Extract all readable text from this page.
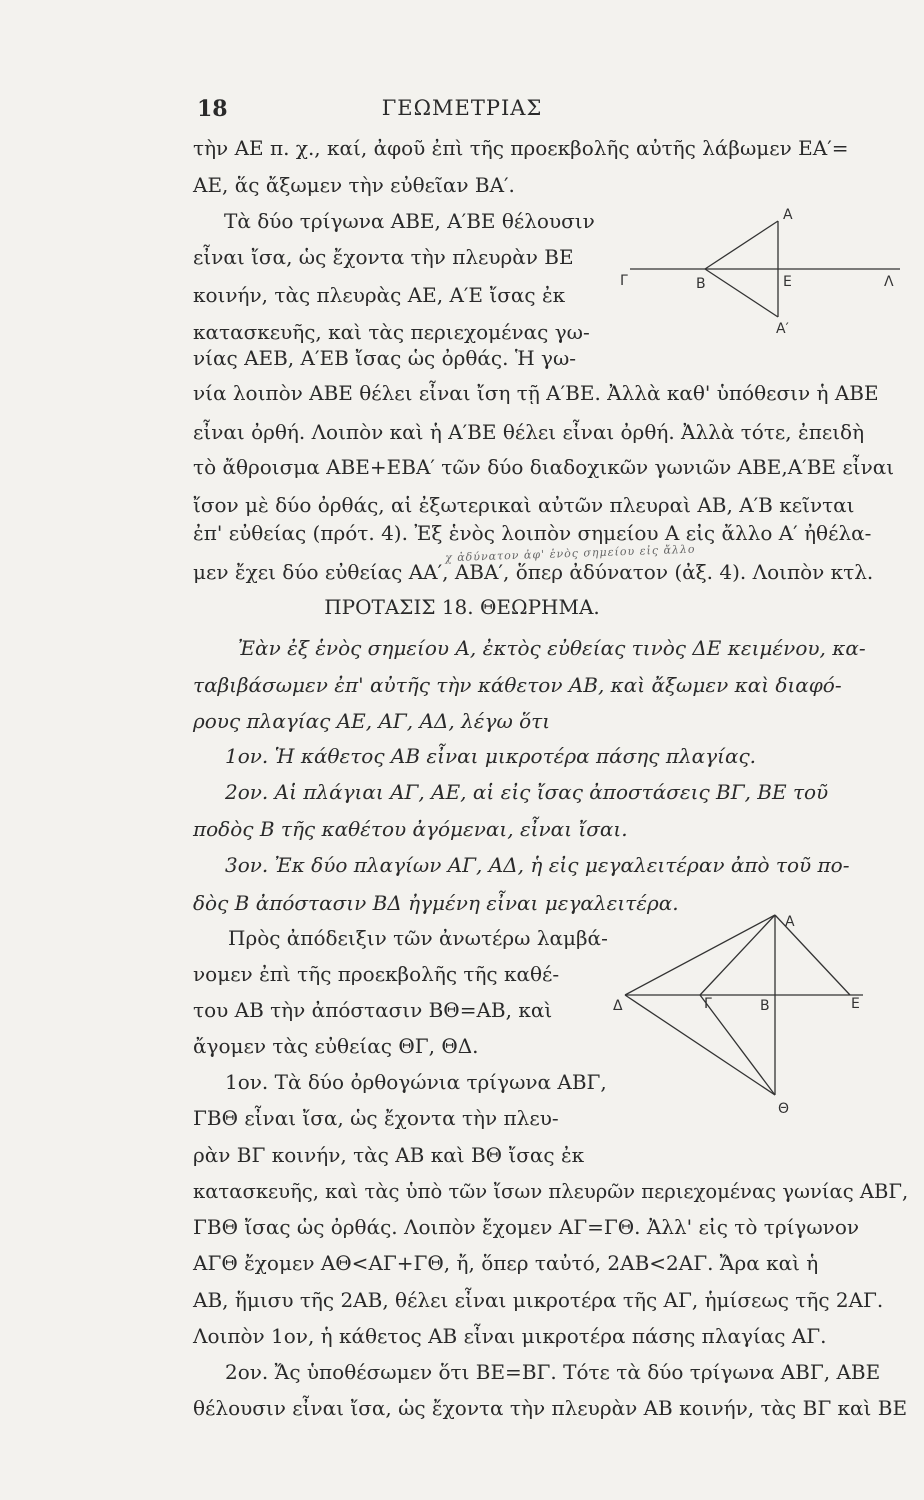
18	ΓΕΩΜΕΤΡΙΑΣ
τὴν ΑΕ π. χ., καί, ἀφοῦ ἐπὶ τῆς προεκβολῆς αὐτῆς λάβωμεν ΕΑ′=
ΑΕ, ἅς ἄξωμεν τὴν εὐθεῖαν ΒΑ′.
Τὰ δύο τρίγωνα ΑΒΕ, Α′ΒΕ θέλουσιν
εἶναι ἴσα, ὡς ἔχοντα τὴν πλευρὰν ΒΕ
κοινήν, τὰς πλευρὰς ΑΕ, Α′Ε ἴσας ἐκ
κατασκευῆς, καὶ τὰς περιεχομένας γω-
νίας ΑΕΒ, Α′ΕΒ ἴσας ὡς ὀρθάς. Ἡ γω-
νία λοιπὸν ΑΒΕ θέλει εἶναι ἴση τῇ Α′ΒΕ. Ἀλλὰ καθ' ὑπόθεσιν ἡ ΑΒΕ
εἶναι ὀρθή. Λοιπὸν καὶ ἡ Α′ΒΕ θέλει εἶναι ὀρθή. Ἀλλὰ τότε, ἐπειδὴ
τὸ ἄθροισμα ΑΒΕ+ΕΒΑ′ τῶν δύο διαδοχικῶν γωνιῶν ΑΒΕ,Α′ΒΕ εἶναι
ἴσον μὲ δύο ὀρθάς, αἱ ἐξωτερικαὶ αὐτῶν πλευραὶ ΑΒ, Α′Β κεῖνται
ἐπ' εὐθείας (πρότ. 4). Ἐξ ἑνὸς λοιπὸν σημείου Α εἰς ἄλλο Α′ ἠθέλα-
χ ἀδύνατον ἀφ' ἑνὸς σημείου εἰς ἄλλο
μεν ἔχει δύο εὐθείας ΑΑ′, ΑΒΑ′, ὅπερ ἀδύνατον (ἀξ. 4). Λοιπὸν κτλ.
ΠΡΟΤΑΣΙΣ 18. ΘΕΩΡΗΜΑ.
Ἐὰν ἐξ ἑνὸς σημείου Α, ἐκτὸς εὐθείας τινὸς ΔΕ κειμένου, κα-
ταβιβάσωμεν ἐπ' αὐτῆς τὴν κάθετον ΑΒ, καὶ ἄξωμεν καὶ διαφό-
ρους πλαγίας ΑΕ, ΑΓ, ΑΔ, λέγω ὅτι
1ον. Ἡ κάθετος ΑΒ εἶναι μικροτέρα πάσης πλαγίας.
2ον. Αἱ πλάγιαι ΑΓ, ΑΕ, αἱ εἰς ἴσας ἀποστάσεις ΒΓ, ΒΕ τοῦ
ποδὸς Β τῆς καθέτου ἀγόμεναι, εἶναι ἴσαι.
3ον. Ἐκ δύο πλαγίων ΑΓ, ΑΔ, ἡ εἰς μεγαλειτέραν ἀπὸ τοῦ πο-
δὸς Β ἀπόστασιν ΒΔ ἠγμένη εἶναι μεγαλειτέρα.
Πρὸς ἀπόδειξιν τῶν ἀνωτέρω λαμβά-
νομεν ἐπὶ τῆς προεκβολῆς τῆς καθέ-
του ΑΒ τὴν ἀπόστασιν ΒΘ=ΑΒ, καὶ
ἄγομεν τὰς εὐθείας ΘΓ, ΘΔ.
1ον. Τὰ δύο ὀρθογώνια τρίγωνα ΑΒΓ,
ΓΒΘ εἶναι ἴσα, ὡς ἔχοντα τὴν πλευ-
ρὰν ΒΓ κοινήν, τὰς ΑΒ καὶ ΒΘ ἴσας ἐκ
κατασκευῆς, καὶ τὰς ὑπὸ τῶν ἴσων πλευρῶν περιεχομένας γωνίας ΑΒΓ,
ΓΒΘ ἴσας ὡς ὀρθάς. Λοιπὸν ἔχομεν ΑΓ=ΓΘ. Ἀλλ' εἰς τὸ τρίγωνον
ΑΓΘ ἔχομεν ΑΘ<ΑΓ+ΓΘ, ἤ, ὅπερ ταὐτό, 2ΑΒ<2ΑΓ. Ἄρα καὶ ἡ
ΑΒ, ἥμισυ τῆς 2ΑΒ, θέλει εἶναι μικροτέρα τῆς ΑΓ, ἡμίσεως τῆς 2ΑΓ.
Λοιπὸν 1ον, ἡ κάθετος ΑΒ εἶναι μικροτέρα πάσης πλαγίας ΑΓ.
2ον. Ἄς ὑποθέσωμεν ὅτι ΒΕ=ΒΓ. Τότε τὰ δύο τρίγωνα ΑΒΓ, ΑΒΕ
θέλουσιν εἶναι ἴσα, ὡς ἔχοντα τὴν πλευρὰν ΑΒ κοινήν, τὰς ΒΓ καὶ ΒΕ
Α
Γ	Β	Ε	Λ
Α′
Α
Δ	Γ	Β	Ε
Θ
